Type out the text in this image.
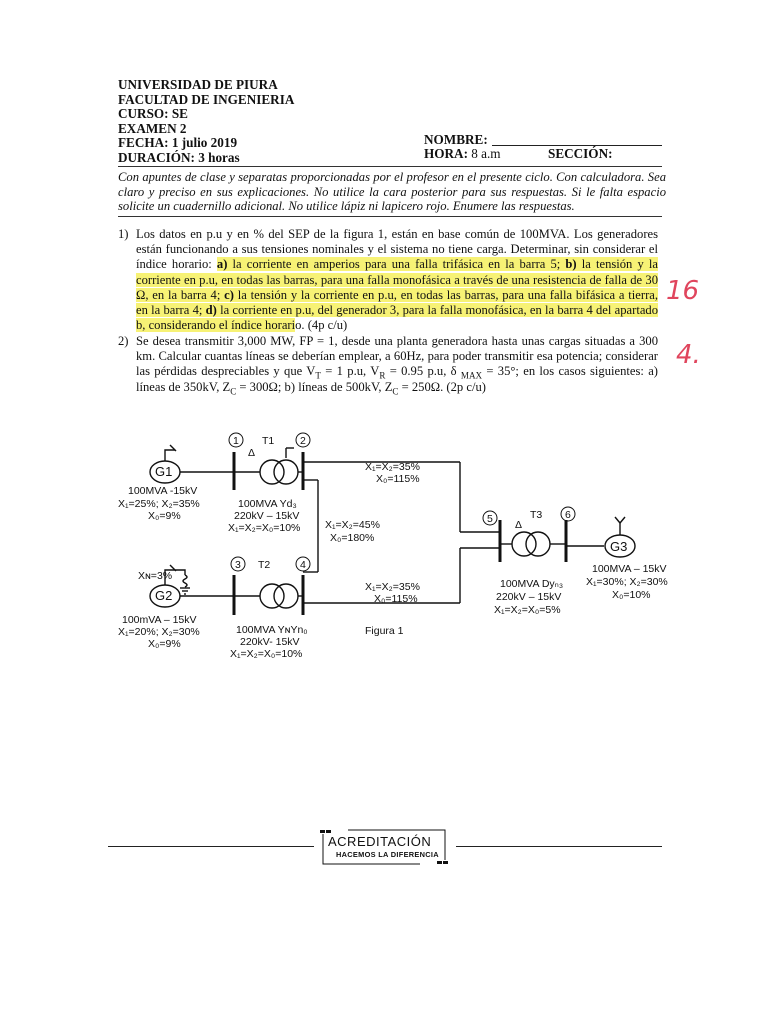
UNIVERSIDAD DE PIURA
FACULTAD DE INGENIERIA
CURSO: SE
EXAMEN 2
FECHA: 1 julio 2019
DURACIÓN: 3 horas
NOMBRE:
HORA: 8 a.m	SECCIÓN:
Con apuntes de clase y separatas proporcionadas por el profesor en el presente ciclo. Con calculadora. Sea claro y preciso en sus explicaciones. No utilice la cara posterior para sus respuestas. Si le falta espacio solicite un cuadernillo adicional. No utilice lápiz ni lapicero rojo. Enumere las respuestas.
1) Los datos en p.u y en % del SEP de la figura 1, están en base común de 100MVA. Los generadores están funcionando a sus tensiones nominales y el sistema no tiene carga. Determinar, sin considerar el índice horario: a) la corriente en amperios para una falla trifásica en la barra 5; b) la tensión y la corriente en p.u, en todas las barras, para una falla monofásica a través de una resistencia de falla de 30 Ω, en la barra 4; c) la tensión y la corriente en p.u, en todas las barras, para una falla bifásica a tierra, en la barra 4; d) la corriente en p.u, del generador 3, para la falla monofásica, en la barra 4 del apartado b, considerando el índice horario. (4p c/u)
2) Se desea transmitir 3,000 MW, FP = 1, desde una planta generadora hasta unas cargas situadas a 300 km. Calcular cuantas líneas se deberían emplear, a 60Hz, para poder transmitir esa potencia; considerar las pérdidas despreciables y que $V_T = 1$ p.u, $V_R = 0.95$ p.u, δ $_{MAX}$ = 35°; en los casos siguientes: a) líneas de 350kV, $Z_C = 300\Omega$; b) líneas de 500kV, $Z_C = 250\Omega$. (2p c/u)
16
4.
1	2
3	4
5	6
G1
G2
G3
T1
T2
T3
Δ
Δ
100MVA -15kV
X₁=25%; X₂=35%
X₀=9%
100MVA Yd₃
220kV – 15kV
X₁=X₂=X₀=10%
X₁=X₂=35%
X₀=115%
X₁=X₂=45%
X₀=180%
Xɴ=3%
100mVA – 15kV
X₁=20%; X₂=30%
X₀=9%
100MVA YɴYn₀
220kV- 15kV
X₁=X₂=X₀=10%
X₁=X₂=35%
X₀=115%
Figura 1
100MVA Dyₙ₃
220kV – 15kV
X₁=X₂=X₀=5%
100MVA – 15kV
X₁=30%; X₂=30%
X₀=10%
ACREDITACIÓN
HACEMOS LA DIFERENCIA
